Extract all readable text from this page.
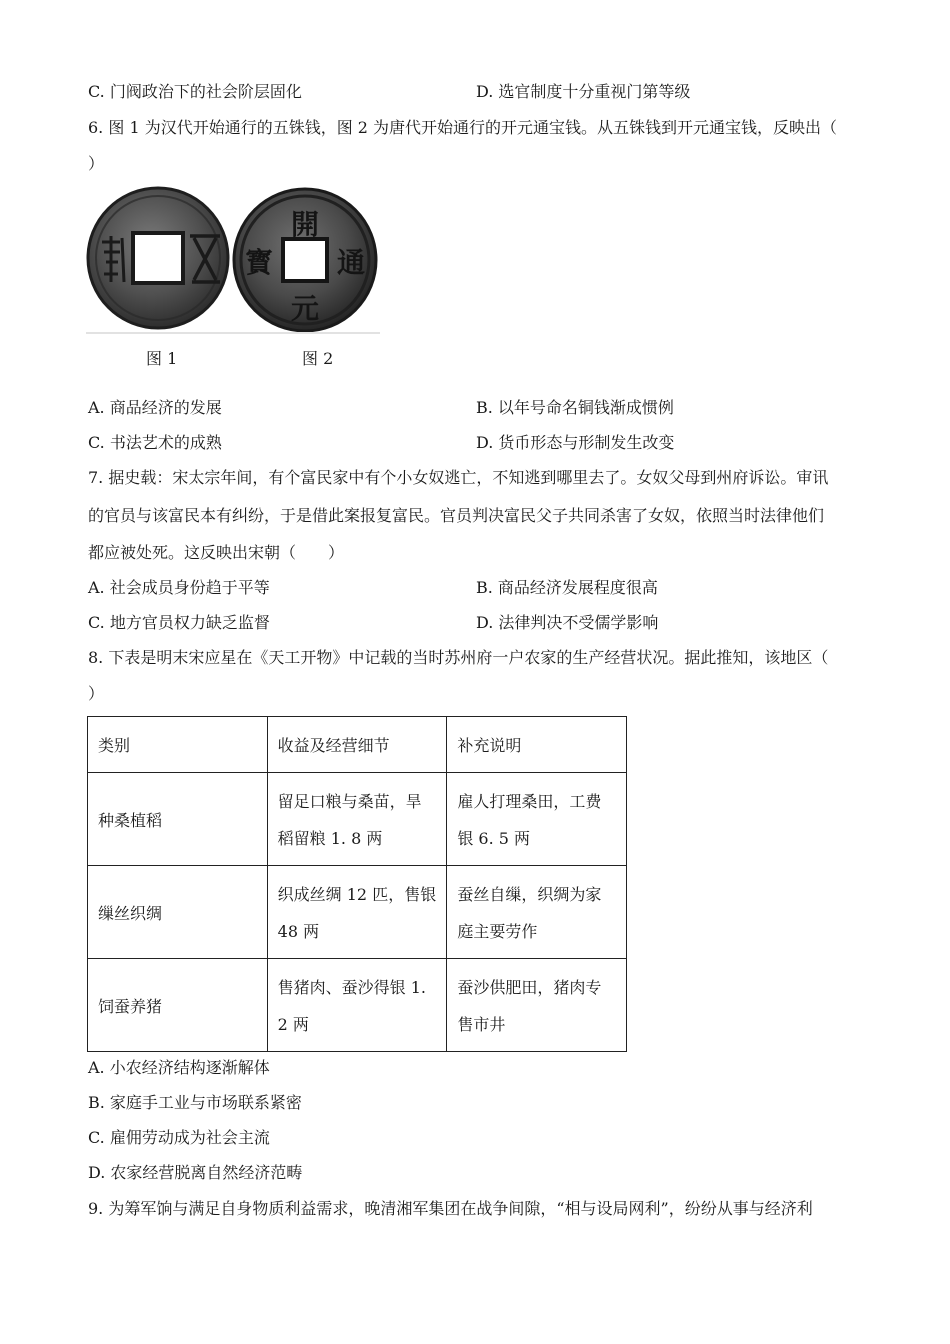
C. 门阀政治下的社会阶层固化	D. 选官制度十分重视门第等级
6. 图 1 为汉代开始通行的五铢钱，图 2 为唐代开始通行的开元通宝钱。从五铢钱到开元通宝钱，反映出（
）
開
元
寳 通
图 1	图 2
A. 商品经济的发展	B. 以年号命名铜钱渐成惯例
C. 书法艺术的成熟	D. 货币形态与形制发生改变
7. 据史载：宋太宗年间，有个富民家中有个小女奴逃亡，不知逃到哪里去了。女奴父母到州府诉讼。审讯
的官员与该富民本有纠纷，于是借此案报复富民。官员判决富民父子共同杀害了女奴，依照当时法律他们
都应被处死。这反映出宋朝（　　）
A. 社会成员身份趋于平等	B. 商品经济发展程度很高
C. 地方官员权力缺乏监督	D. 法律判决不受儒学影响
8. 下表是明末宋应星在《天工开物》中记载的当时苏州府一户农家的生产经营状况。据此推知，该地区（
）
类别	收益及经营细节	补充说明
种桑植稻	留足口粮与桑苗，旱稻留粮 1. 8 两	雇人打理桑田，工费银 6. 5 两
缫丝织绸	织成丝绸 12 匹，售银 48 两	蚕丝自缫，织绸为家庭主要劳作
饲蚕养猪	售猪肉、蚕沙得银 1. 2 两	蚕沙供肥田，猪肉专售市井
A. 小农经济结构逐渐解体
B. 家庭手工业与市场联系紧密
C. 雇佣劳动成为社会主流
D. 农家经营脱离自然经济范畴
9. 为筹军饷与满足自身物质利益需求，晚清湘军集团在战争间隙，“相与设局网利”，纷纷从事与经济利
